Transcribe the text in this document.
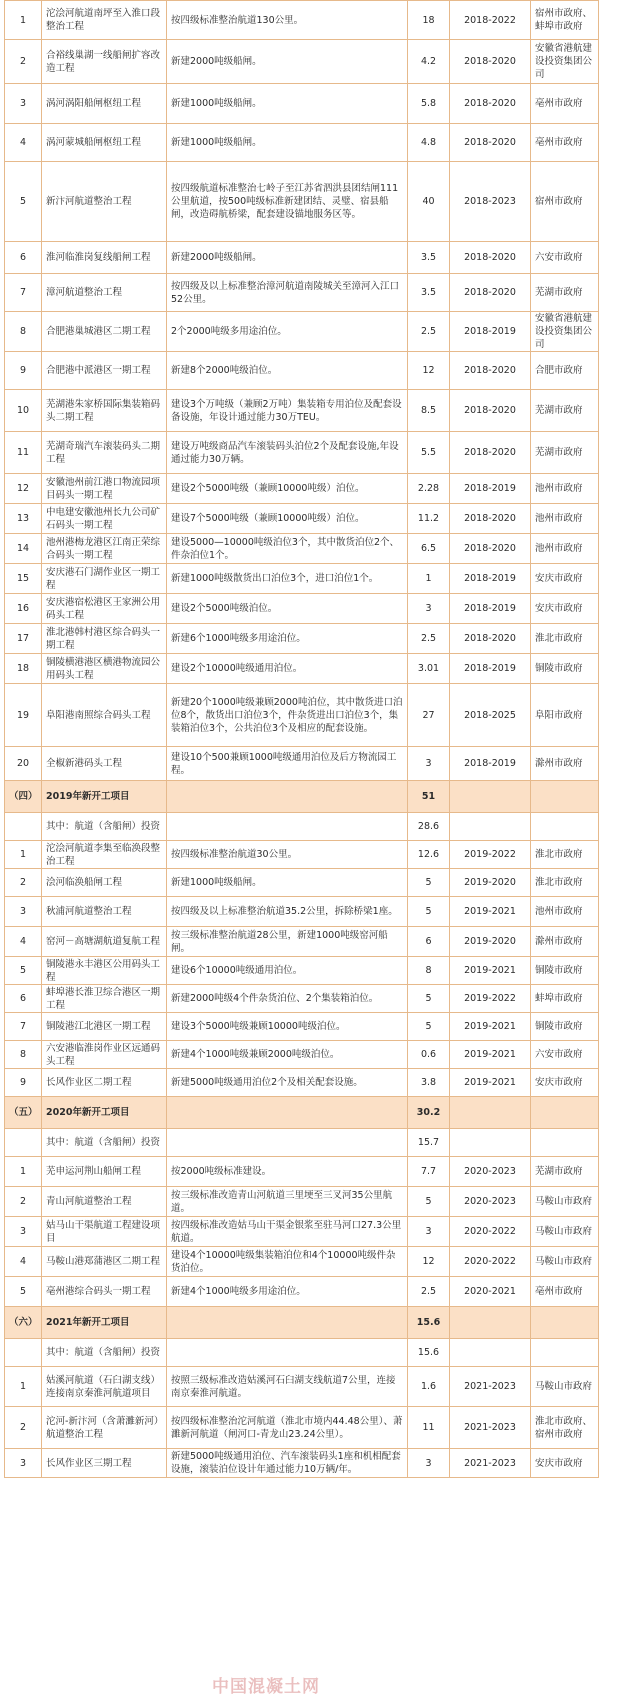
1	沱浍河航道南坪至入淮口段整治工程	按四级标准整治航道130公里。	18	2018-2022	宿州市政府、蚌埠市政府
2	合裕线巢湖一线船闸扩容改造工程	新建2000吨级船闸。	4.2	2018-2020	安徽省港航建设投资集团公司
3	涡河涡阳船闸枢纽工程	新建1000吨级船闸。	5.8	2018-2020	亳州市政府
4	涡河蒙城船闸枢纽工程	新建1000吨级船闸。	4.8	2018-2020	亳州市政府
5	新汴河航道整治工程	按四级航道标准整治七岭子至江苏省泗洪县团结闸111公里航道，按500吨级标准新建团结、灵璧、宿县船闸，改造碍航桥梁，配套建设锚地服务区等。	40	2018-2023	宿州市政府
6	淮河临淮岗复线船闸工程	新建2000吨级船闸。	3.5	2018-2020	六安市政府
7	漳河航道整治工程	按四级及以上标准整治漳河航道南陵城关至漳河入江口52公里。	3.5	2018-2020	芜湖市政府
8	合肥港巢城港区二期工程	2个2000吨级多用途泊位。	2.5	2018-2019	安徽省港航建设投资集团公司
9	合肥港中派港区一期工程	新建8个2000吨级泊位。	12	2018-2020	合肥市政府
10	芜湖港朱家桥国际集装箱码头二期工程	建设3个万吨级（兼顾2万吨）集装箱专用泊位及配套设备设施，年设计通过能力30万TEU。	8.5	2018-2020	芜湖市政府
11	芜湖奇瑞汽车滚装码头二期工程	建设万吨级商品汽车滚装码头泊位2个及配套设施,年设通过能力30万辆。	5.5	2018-2020	芜湖市政府
12	安徽池州前江港口物流园项目码头一期工程	建设2个5000吨级（兼顾10000吨级）泊位。	2.28	2018-2019	池州市政府
13	中电建安徽池州长九公司矿石码头一期工程	建设7个5000吨级（兼顾10000吨级）泊位。	11.2	2018-2020	池州市政府
14	池州港梅龙港区江南正荣综合码头一期工程	建设5000—10000吨级泊位3个，其中散货泊位2个、件杂泊位1个。	6.5	2018-2020	池州市政府
15	安庆港石门湖作业区一期工程	新建1000吨级散货出口泊位3个，进口泊位1个。	1	2018-2019	安庆市政府
16	安庆港宿松港区王家洲公用码头工程	建设2个5000吨级泊位。	3	2018-2019	安庆市政府
17	淮北港韩村港区综合码头一期工程	新建6个1000吨级多用途泊位。	2.5	2018-2020	淮北市政府
18	铜陵横港港区横港物流园公用码头工程	建设2个10000吨级通用泊位。	3.01	2018-2019	铜陵市政府
19	阜阳港南照综合码头工程	新建20个1000吨级兼顾2000吨泊位，其中散货进口泊位8个，散货出口泊位3个，件杂货进出口泊位3个，集装箱泊位3个，公共泊位3个及相应的配套设施。	27	2018-2025	阜阳市政府
20	全椒新港码头工程	建设10个500兼顾1000吨级通用泊位及后方物流园工程。	3	2018-2019	滁州市政府
（四）	2019年新开工项目		51		
	其中：航道（含船闸）投资		28.6		
1	沱浍河航道李集至临涣段整治工程	按四级标准整治航道30公里。	12.6	2019-2022	淮北市政府
2	浍河临涣船闸工程	新建1000吨级船闸。	5	2019-2020	淮北市政府
3	秋浦河航道整治工程	按四级及以上标准整治航道35.2公里，拆除桥梁1座。	5	2019-2021	池州市政府
4	窑河－高塘湖航道复航工程	按三级标准整治航道28公里，新建1000吨级窑河船闸。	6	2019-2020	滁州市政府
5	铜陵港永丰港区公用码头工程	建设6个10000吨级通用泊位。	8	2019-2021	铜陵市政府
6	蚌埠港长淮卫综合港区一期工程	新建2000吨级4个件杂货泊位、2个集装箱泊位。	5	2019-2022	蚌埠市政府
7	铜陵港江北港区一期工程	建设3个5000吨级兼顾10000吨级泊位。	5	2019-2021	铜陵市政府
8	六安港临淮岗作业区远通码头工程	新建4个1000吨级兼顾2000吨级泊位。	0.6	2019-2021	六安市政府
9	长风作业区二期工程	新建5000吨级通用泊位2个及相关配套设施。	3.8	2019-2021	安庆市政府
（五）	2020年新开工项目		30.2		
	其中：航道（含船闸）投资		15.7		
1	芜申运河荆山船闸工程	按2000吨级标准建设。	7.7	2020-2023	芜湖市政府
2	青山河航道整治工程	按三级标准改造青山河航道三里埂至三叉河35公里航道。	5	2020-2023	马鞍山市政府
3	姑马山干渠航道工程建设项目	按四级标准改造姑马山干渠金银浆至驻马河口27.3公里航道。	3	2020-2022	马鞍山市政府
4	马鞍山港郑蒲港区二期工程	建设4个10000吨级集装箱泊位和4个10000吨级件杂货泊位。	12	2020-2022	马鞍山市政府
5	亳州港综合码头一期工程	新建4个1000吨级多用途泊位。	2.5	2020-2021	亳州市政府
（六）	2021年新开工项目		15.6		
	其中：航道（含船闸）投资		15.6		
1	姑溪河航道（石臼湖支线）连接南京秦淮河航道项目	按照三级标准改造姑溪河石臼湖支线航道7公里，连接南京秦淮河航道。	1.6	2021-2023	马鞍山市政府
2	沱河-新汴河（含萧濉新河）航道整治工程	按四级标准整治沱河航道（淮北市境内44.48公里）、萧濉新河航道（闸河口-青龙山23.24公里）。	11	2021-2023	淮北市政府、宿州市政府
3	长风作业区三期工程	新建5000吨级通用泊位、汽车滚装码头1座和机相配套设施，滚装泊位设计年通过能力10万辆/年。	3	2021-2023	安庆市政府
中国混凝土网
